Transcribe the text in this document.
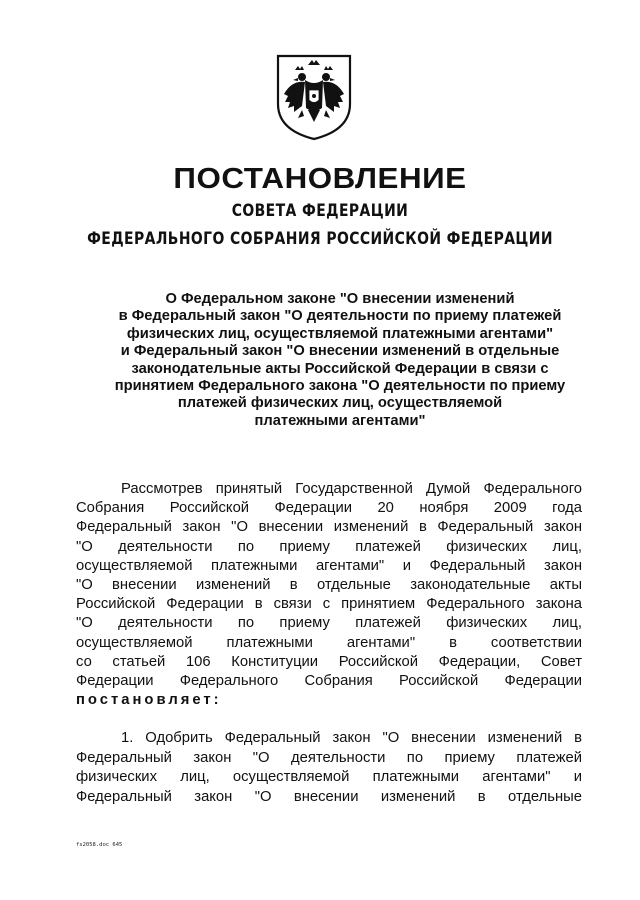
ПОСТАНОВЛЕНИЕ
СОВЕТА ФЕДЕРАЦИИ
ФЕДЕРАЛЬНОГО СОБРАНИЯ РОССИЙСКОЙ ФЕДЕРАЦИИ
О Федеральном законе "О внесении изменений
в Федеральный закон "О деятельности по приему платежей
физических лиц, осуществляемой платежными агентами"
и Федеральный закон "О внесении изменений в отдельные
законодательные акты Российской Федерации в связи с
принятием Федерального закона "О деятельности по приему
платежей физических лиц, осуществляемой
платежными агентами"
Рассмотрев принятый Государственной Думой Федерального
Собрания Российской Федерации 20 ноября 2009 года
Федеральный закон "О внесении изменений в Федеральный закон
"О деятельности по приему платежей физических лиц,
осуществляемой платежными агентами" и Федеральный закон
"О внесении изменений в отдельные законодательные акты
Российской Федерации в связи с принятием Федерального закона
"О деятельности по приему платежей физических лиц,
осуществляемой платежными агентами" в соответствии
со статьей 106 Конституции Российской Федерации, Совет
Федерации Федерального Собрания Российской Федерации
постановляет:
1. Одобрить Федеральный закон "О внесении изменений в
Федеральный закон "О деятельности по приему платежей
физических лиц, осуществляемой платежными агентами" и
Федеральный закон "О внесении изменений в отдельные
fs2058.doc 645
